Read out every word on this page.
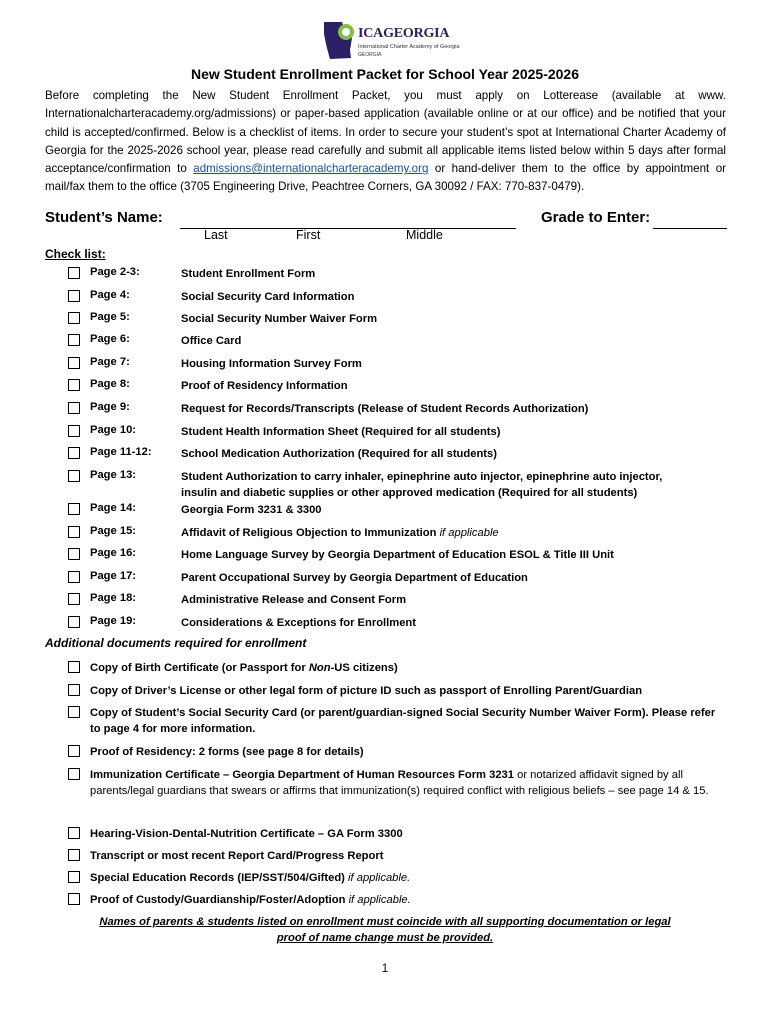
ICAGEORGIA
International Charter Academy of Georgia
GEORGIA
New Student Enrollment Packet for School Year 2025-2026
Before completing the New Student Enrollment Packet, you must apply on Lotterease (available at www. Internationalcharteracademy.org/admissions) or paper-based application (available online or at our office) and be notified that your child is accepted/confirmed. Below is a checklist of items. In order to secure your student’s spot at International Charter Academy of Georgia for the 2025-2026 school year, please read carefully and submit all applicable items listed below within 5 days after formal acceptance/confirmation to admissions@internationalcharteracademy.org or hand-deliver them to the office by appointment or mail/fax them to the office (3705 Engineering Drive, Peachtree Corners, GA 30092 / FAX: 770-837-0479).
Student’s Name:	Grade to Enter:
Last	First	Middle
Check list:
Page 2-3:	Student Enrollment Form
Page 4:	Social Security Card Information
Page 5:	Social Security Number Waiver Form
Page 6:	Office Card
Page 7:	Housing Information Survey Form
Page 8:	Proof of Residency Information
Page 9:	Request for Records/Transcripts (Release of Student Records Authorization)
Page 10:	Student Health Information Sheet (Required for all students)
Page 11-12:	School Medication Authorization (Required for all students)
Page 13:	Student Authorization to carry inhaler, epinephrine auto injector, epinephrine auto injector, insulin and diabetic supplies or other approved medication (Required for all students)
Page 14:	Georgia Form 3231 & 3300
Page 15:	Affidavit of Religious Objection to Immunization if applicable
Page 16:	Home Language Survey by Georgia Department of Education ESOL & Title III Unit
Page 17:	Parent Occupational Survey by Georgia Department of Education
Page 18:	Administrative Release and Consent Form
Page 19:	Considerations & Exceptions for Enrollment
Additional documents required for enrollment
Copy of Birth Certificate (or Passport for Non-US citizens)
Copy of Driver’s License or other legal form of picture ID such as passport of Enrolling Parent/Guardian
Copy of Student’s Social Security Card (or parent/guardian-signed Social Security Number Waiver Form). Please refer to page 4 for more information.
Proof of Residency: 2 forms (see page 8 for details)
Immunization Certificate – Georgia Department of Human Resources Form 3231 or notarized affidavit signed by all parents/legal guardians that swears or affirms that immunization(s) required conflict with religious beliefs – see page 14 & 15.
Hearing-Vision-Dental-Nutrition Certificate – GA Form 3300
Transcript or most recent Report Card/Progress Report
Special Education Records (IEP/SST/504/Gifted) if applicable.
Proof of Custody/Guardianship/Foster/Adoption if applicable.
Names of parents & students listed on enrollment must coincide with all supporting documentation or legal proof of name change must be provided.
1
